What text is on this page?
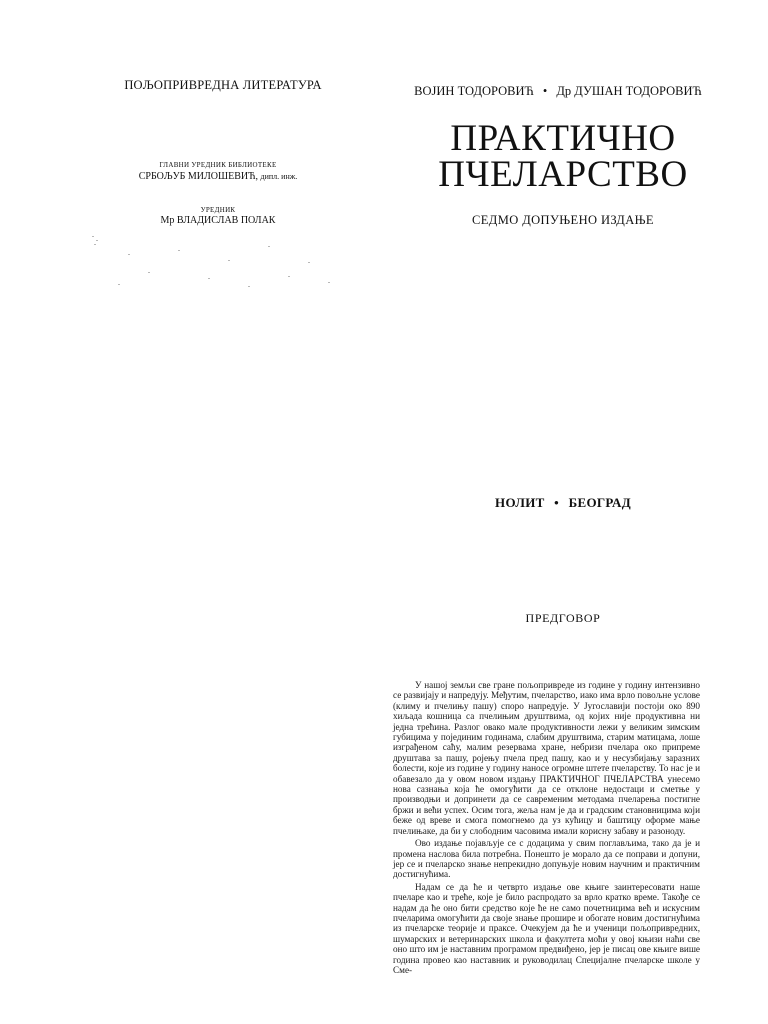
ПОЉОПРИВРЕДНА ЛИТЕРАТУРА
ГЛАВНИ УРЕДНИК БИБЛИОТЕКЕ
СРБОЉУБ МИЛОШЕВИЋ, дипл. инж.
УРЕДНИК
Мр ВЛАДИСЛАВ ПОЛАК
ВОЈИН ТОДОРОВИЋ • Др ДУШАН ТОДОРОВИЋ
ПРАКТИЧНО
ПЧЕЛАРСТВО
СЕДМО ДОПУЊЕНО ИЗДАЊЕ
НОЛИТ • БЕОГРАД
ПРЕДГОВОР

У нашој земљи све гране пољопривреде из године у годину интензивно се развијају и напредују. Међутим, пчеларство, иако има врло повољне услове (климу и пчелињу пашу) споро напредује. У Југославији постоји око 890 хиљада кошница са пчелињим друштвима, од којих није продуктивна ни једна трећина. Разлог овако мале продуктивности лежи у великим зимским губицима у појединим годинама, слабим друштвима, старим матицама, лоше изграђеном саћу, малим резервама хране, небризи пчелара око припреме друштава за пашу, ројењу пчела пред пашу, као и у несузбијању заразних болести, које из године у годину наносе огромне штете пчеларству. То нас је и обавезало да у овом новом издању ПРАКТИЧНОГ ПЧЕЛАРСТВА унесемо нова сазнања која ће омогућити да се отклоне недостаци и сметње у производњи и допринети да се савременим методама пчеларења постигне бржи и већи успех. Осим тога, жеља нам је да и градским становницима који беже од вреве и смога помогнемо да уз кућицу и баштицу оформе мање пчелињаке, да би у слободним часовима имали корисну забаву и разоноду.

Ово издање појављује се с додацима у свим поглављима, тако да је и промена наслова била потребна. Понешто је морало да се поправи и допуни, јер се и пчеларско знање непрекидно допуњује новим научним и практичним достигнућима.

Надам се да ће и четврто издање ове књиге заинтересовати наше пчеларе као и треће, које је било распродато за врло кратко време. Такође се надам да ће оно бити средство које ће не само почетницима већ и искусним пчеларима омогућити да своје знање прошире и обогате новим достигнућима из пчеларске теорије и праксе. Очекујем да ће и ученици пољопривредних, шумарских и ветеринарских школа и факултета моћи у овој књизи наћи све оно што им је наставним програмом предвиђено, јер је писац ове књиге више година провео као наставник и руководилац Специјалне пчеларске школе у Сме-
